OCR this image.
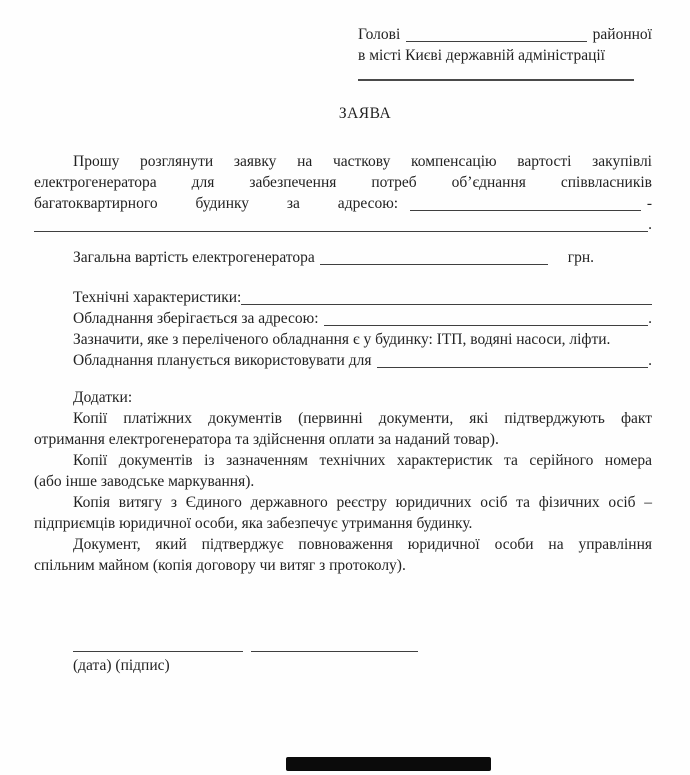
Голові	районної
в місті Києві державній адміністрації
ЗАЯВА
Прошу розглянути заявку на часткову компенсацію вартості закупівлі
електрогенератора для забезпечення потреб об’єднання співвласників
багатоквартирного будинку за адресою:	-
.
Загальна вартість електрогенератора	грн.
Технічні характеристики:
Обладнання зберігається за адресою:	.
Зазначити, яке з переліченого обладнання є у будинку: ІТП, водяні насоси, ліфти.
Обладнання планується використовувати для	.
Додатки:
Копії платіжних документів (первинні документи, які підтверджують факт
отримання електрогенератора та здійснення оплати за наданий товар).
Копії документів із зазначенням технічних характеристик та серійного номера
(або інше заводське маркування).
Копія витягу з Єдиного державного реєстру юридичних осіб та фізичних осіб –
підприємців юридичної особи, яка забезпечує утримання будинку.
Документ, який підтверджує повноваження юридичної особи на управління
спільним майном (копія договору чи витяг з протоколу).
(дата) (підпис)
